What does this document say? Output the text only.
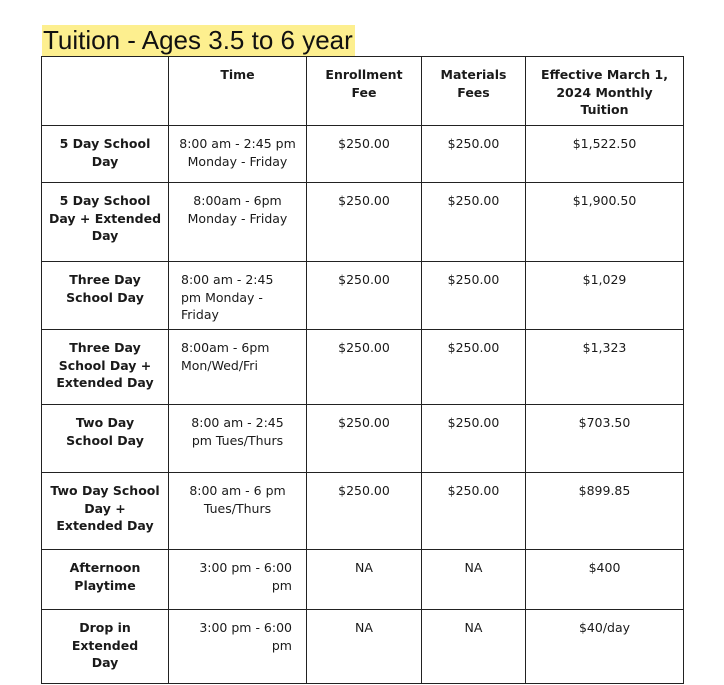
Tuition - Ages 3.5 to 6 year
	Time	Enrollment Fee	Materials Fees	Effective March 1, 2024 Monthly Tuition
5 Day School Day	8:00 am - 2:45 pm Monday - Friday	$250.00	$250.00	$1,522.50
5 Day School Day + Extended Day	8:00am - 6pm Monday - Friday	$250.00	$250.00	$1,900.50
Three Day School Day	8:00 am - 2:45 pm Monday - Friday	$250.00	$250.00	$1,029
Three Day School Day + Extended Day	8:00am - 6pm Mon/Wed/Fri	$250.00	$250.00	$1,323
Two Day School Day	8:00 am - 2:45 pm Tues/Thurs	$250.00	$250.00	$703.50
Two Day School Day + Extended Day	8:00 am - 6 pm Tues/Thurs	$250.00	$250.00	$899.85
Afternoon Playtime	3:00 pm - 6:00 pm	NA	NA	$400
Drop in Extended Day	3:00 pm - 6:00 pm	NA	NA	$40/day
